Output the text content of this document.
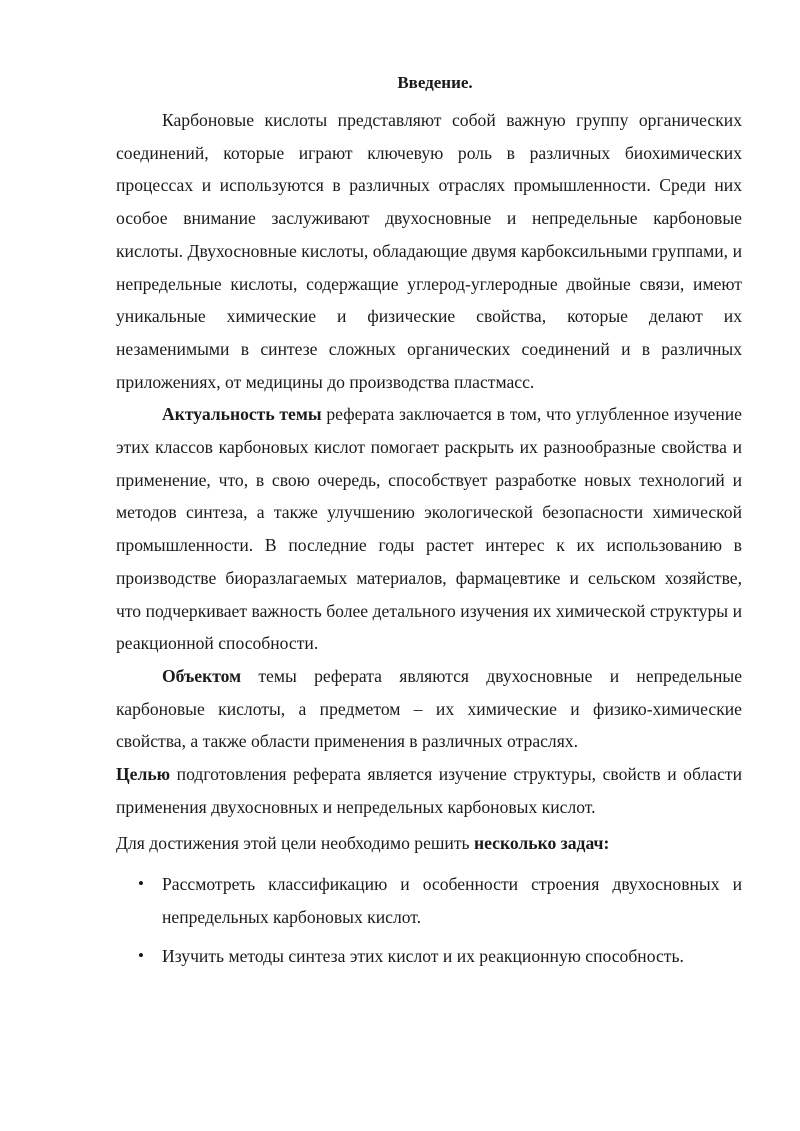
Введение.

Карбоновые кислоты представляют собой важную группу органических соединений, которые играют ключевую роль в различных биохимических процессах и используются в различных отраслях промышленности. Среди них особое внимание заслуживают двухосновные и непредельные карбоновые кислоты. Двухосновные кислоты, обладающие двумя карбоксильными группами, и непредельные кислоты, содержащие углерод-углеродные двойные связи, имеют уникальные химические и физические свойства, которые делают их незаменимыми в синтезе сложных органических соединений и в различных приложениях, от медицины до производства пластмасс.

Актуальность темы реферата заключается в том, что углубленное изучение этих классов карбоновых кислот помогает раскрыть их разнообразные свойства и применение, что, в свою очередь, способствует разработке новых технологий и методов синтеза, а также улучшению экологической безопасности химической промышленности. В последние годы растет интерес к их использованию в производстве биоразлагаемых материалов, фармацевтике и сельском хозяйстве, что подчеркивает важность более детального изучения их химической структуры и реакционной способности.

Объектом темы реферата являются двухосновные и непредельные карбоновые кислоты, а предметом – их химические и физико-химические свойства, а также области применения в различных отраслях.

Целью подготовления реферата является изучение структуры, свойств и области применения двухосновных и непредельных карбоновых кислот.

Для достижения этой цели необходимо решить несколько задач:

• Рассмотреть классификацию и особенности строения двухосновных и непредельных карбоновых кислот.
• Изучить методы синтеза этих кислот и их реакционную способность.
